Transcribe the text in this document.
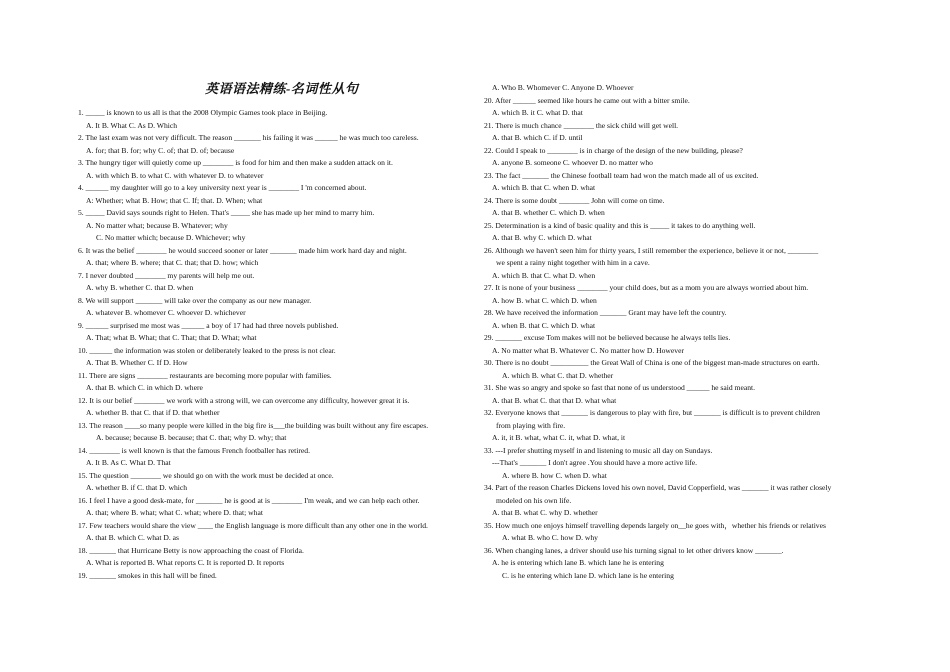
英语语法精练-名词性从句
1. _____ is known to us all is that the 2008 Olympic Games took place in Beijing.
A. It B. What C. As D. Which
2. The last exam was not very difficult. The reason _______ his failing it was ______ he was much too careless.
A. for; that B. for; why C. of; that D. of; because
3. The hungry tiger will quietly come up ________ is food for him and then make a sudden attack on it.
A. with which B. to what C. with whatever D. to whatever
4. ______ my daughter will go to a key university next year is ________ I 'm concerned about.
A: Whether; what B. How; that C. If; that. D. When; what
5. _____ David says sounds right to Helen. That's _____ she has made up her mind to marry him.
A. No matter what; because B. Whatever; why
C. No matter which; because D. Whichever; why
6. It was the belief ________ he would succeed sooner or later _______ made him work hard day and night.
A. that; where B. where; that C. that; that D. how; which
7. I never doubted ________ my parents will help me out.
A. why B. whether C. that D. when
8. We will support _______ will take over the company as our new manager.
A. whatever B. whomever C. whoever D. whichever
9. ______ surprised me most was ______ a boy of 17 had had three novels published.
A. That; what B. What; that C. That; that D. What; what
10. ______ the information was stolen or deliberately leaked to the press is not clear.
A. That B. Whether C. If D. How
11. There are signs ________ restaurants are becoming more popular with families.
A. that B. which C. in which D. where
12. It is our belief ________ we work with a strong will, we can overcome any difficulty, however great it is.
A. whether B. that C. that if D. that whether
13. The reason ____so many people were killed in the big fire is___the building was built without any fire escapes.
A. because; because B. because; that C. that; why D. why; that
14. ________ is well known is that the famous French footballer has retired.
A. It B. As C. What D. That
15. The question ________ we should go on with the work must be decided at once.
A. whether B. if C. that D. which
16. I feel I have a good desk-mate, for _______ he is good at is ________ I'm weak, and we can help each other.
A. that; where B. what; what C. what; where D. that; what
17. Few teachers would share the view ____ the English language is more difficult than any other one in the world.
A. that B. which C. what D. as
18. _______ that Hurricane Betty is now approaching the coast of Florida.
A. What is reported B. What reports C. It is reported D. It reports
19. _______ smokes in this hall will be fined.
A. Who B. Whomever C. Anyone D. Whoever
20. After ______ seemed like hours he came out with a bitter smile.
A. which B. it C. what D. that
21. There is much chance ________ the sick child will get well.
A. that B. which C. if D. until
22. Could I speak to ________ is in charge of the design of the new building, please?
A. anyone B. someone C. whoever D. no matter who
23. The fact _______ the Chinese football team had won the match made all of us excited.
A. which B. that C. when D. what
24. There is some doubt ________ John will come on time.
A. that B. whether C. which D. when
25. Determination is a kind of basic quality and this is _____ it takes to do anything well.
A. that B. why C. which D. what
26. Although we haven't seen him for thirty years, I still remember the experience, believe it or not, ________
we spent a rainy night together with him in a cave.
A. which B. that C. what D. when
27. It is none of your business ________ your child does, but as a mom you are always worried about him.
A. how B. what C. which D. when
28. We have received the information _______ Grant may have left the country.
A. when B. that C. which D. what
29. _______ excuse Tom makes will not be believed because he always tells lies.
A. No matter what B. Whatever C. No matter how D. However
30. There is no doubt __________ the Great Wall of China is one of the biggest man-made structures on earth.
A. which B. what C. that D. whether
31. She was so angry and spoke so fast that none of us understood ______ he said meant.
A. that B. what C. that that D. what what
32. Everyone knows that _______ is dangerous to play with fire, but _______ is difficult is to prevent children
from playing with fire.
A. it, it B. what, what C. it, what D. what, it
33. ---I prefer shutting myself in and listening to music all day on Sundays.
---That's _______ I don't agree .You should have a more active life.
A. where B. how C. when D. what
34. Part of the reason Charles Dickens loved his own novel, David Copperfield, was _______ it was rather closely
modeled on his own life.
A. that B. what C. why D. whether
35. How much one enjoys himself travelling depends largely on__he goes with，whether his friends or relatives
A. what B. who C. how D. why
36. When changing lanes, a driver should use his turning signal to let other drivers know _______.
A. he is entering which lane B. which lane he is entering
C. is he entering which lane D. which lane is he entering
